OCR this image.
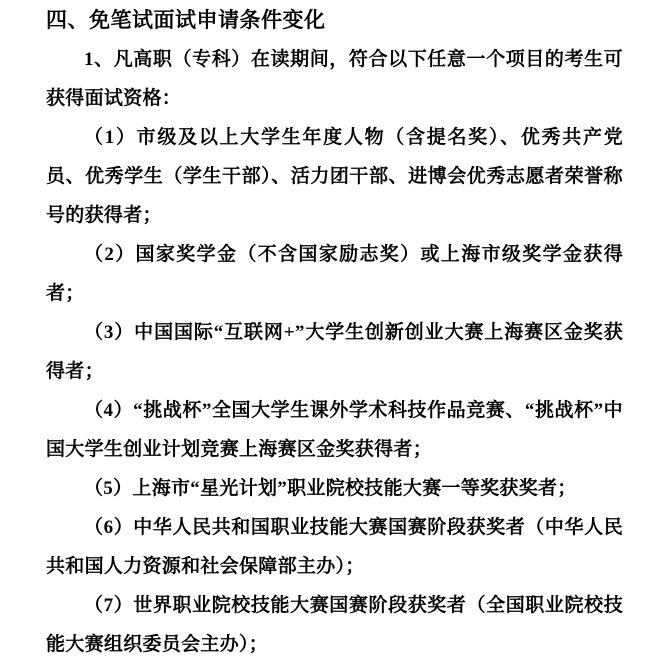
四、免笔试面试申请条件变化

1、凡高职（专科）在读期间，符合以下任意一个项目的考生可获得面试资格：

（1）市级及以上大学生年度人物（含提名奖）、优秀共产党员、优秀学生（学生干部）、活力团干部、进博会优秀志愿者荣誉称号的获得者；

（2）国家奖学金（不含国家励志奖）或上海市级奖学金获得者；

（3）中国国际“互联网+”大学生创新创业大赛上海赛区金奖获得者；

（4）“挑战杯”全国大学生课外学术科技作品竞赛、“挑战杯”中国大学生创业计划竞赛上海赛区金奖获得者；

（5）上海市“星光计划”职业院校技能大赛一等奖获奖者；

（6）中华人民共和国职业技能大赛国赛阶段获奖者（中华人民共和国人力资源和社会保障部主办）；

（7）世界职业院校技能大赛国赛阶段获奖者（全国职业院校技能大赛组织委员会主办）；
